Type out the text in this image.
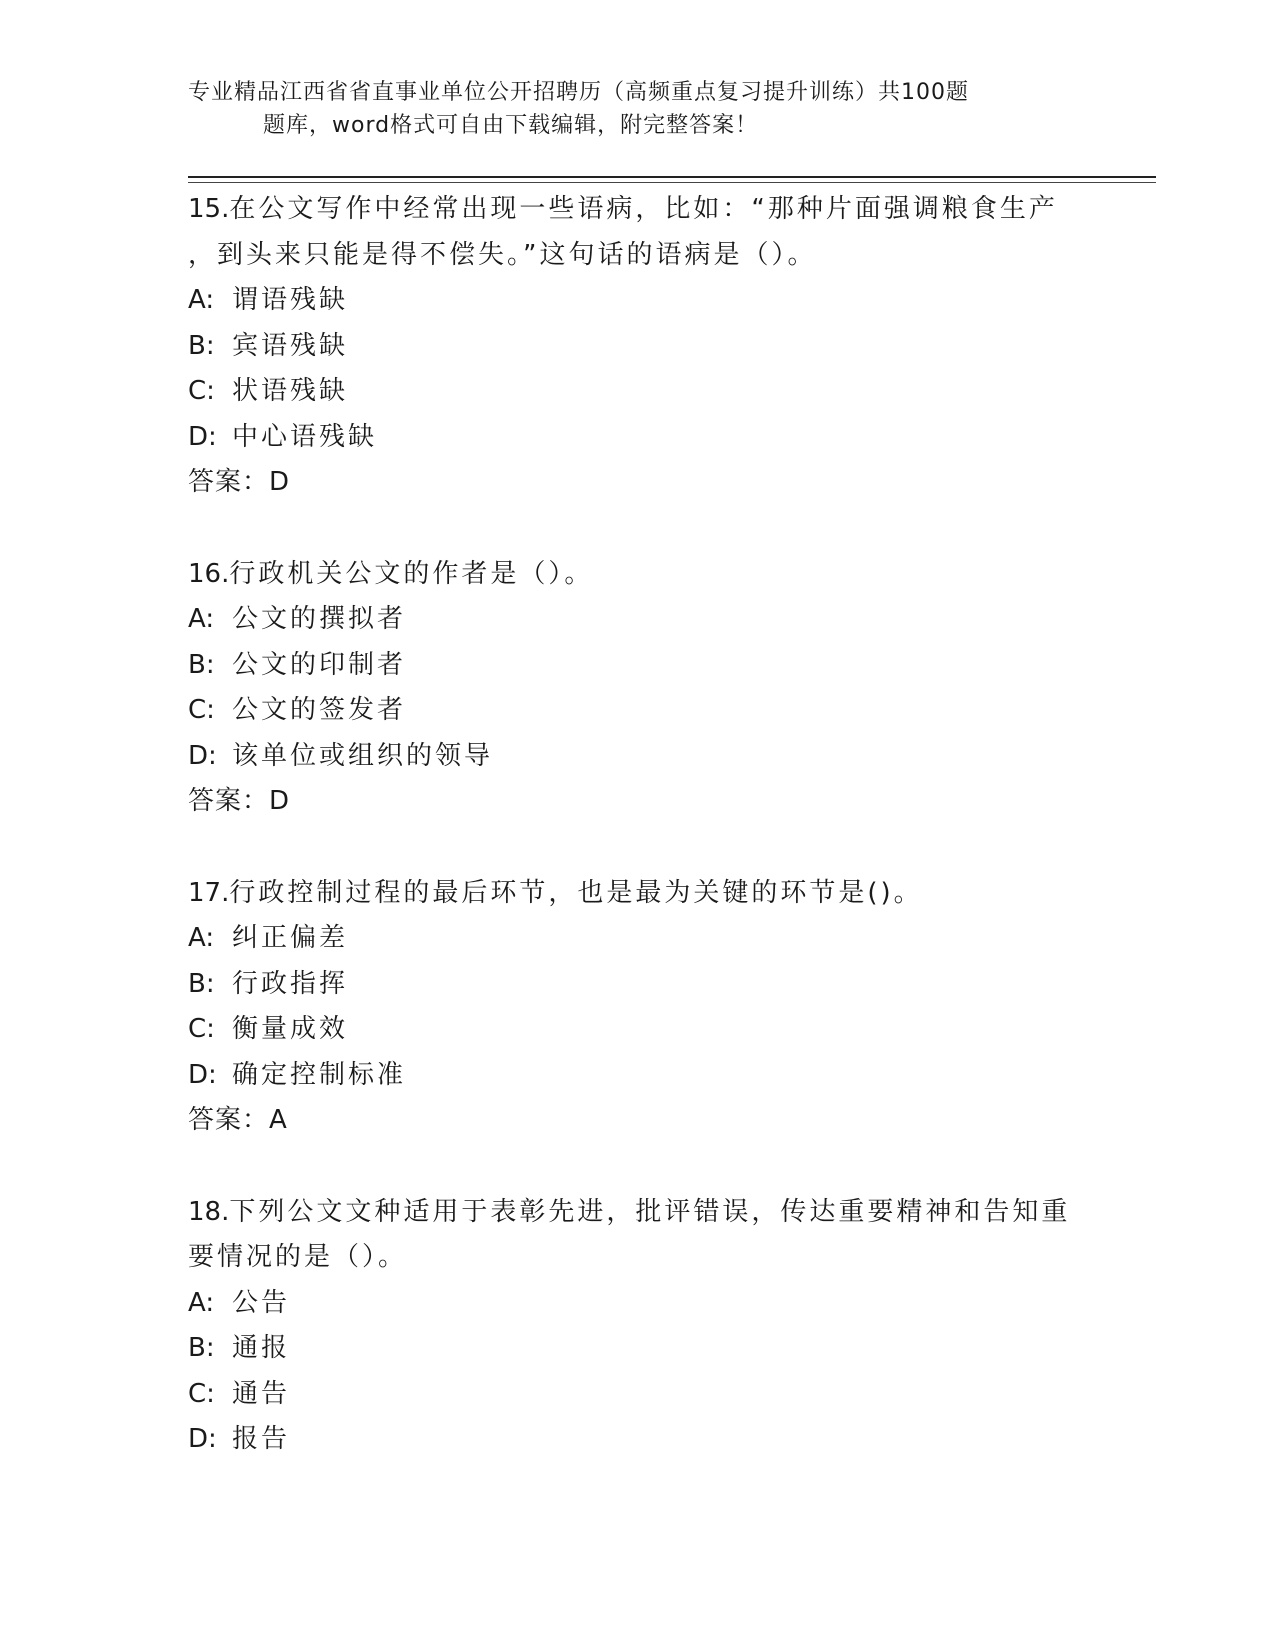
专业精品江西省省直事业单位公开招聘历（高频重点复习提升训练）共100题
题库，word格式可自由下载编辑，附完整答案！

15.在公文写作中经常出现一些语病，比如：“那种片面强调粮食生产

，到头来只能是得不偿失。”这句话的语病是（）。

A: 谓语残缺

B: 宾语残缺

C: 状语残缺

D: 中心语残缺

答案：D

16.行政机关公文的作者是（）。

A: 公文的撰拟者

B: 公文的印制者

C: 公文的签发者

D: 该单位或组织的领导

答案：D

17.行政控制过程的最后环节，也是最为关键的环节是()。

A: 纠正偏差

B: 行政指挥

C: 衡量成效

D: 确定控制标准

答案：A

18.下列公文文种适用于表彰先进，批评错误，传达重要精神和告知重

要情况的是（）。

A: 公告

B: 通报

C: 通告

D: 报告
